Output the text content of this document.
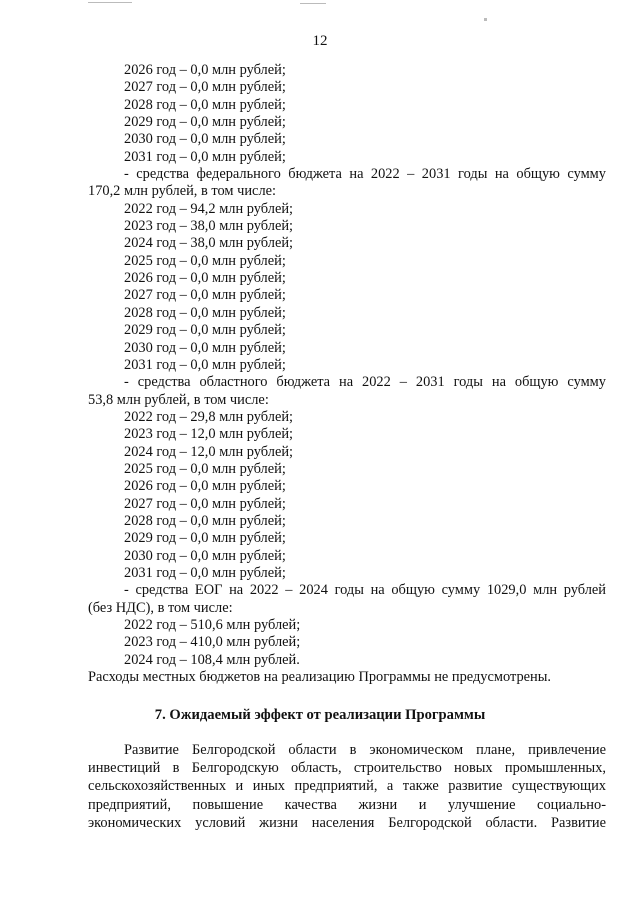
12
2026 год – 0,0 млн рублей;
2027 год – 0,0 млн рублей;
2028 год – 0,0 млн рублей;
2029 год – 0,0 млн рублей;
2030 год – 0,0 млн рублей;
2031 год – 0,0 млн рублей;
- средства федерального бюджета на 2022 – 2031 годы на общую сумму
170,2 млн рублей, в том числе:
2022 год – 94,2 млн рублей;
2023 год – 38,0 млн рублей;
2024 год – 38,0 млн рублей;
2025 год – 0,0 млн рублей;
2026 год – 0,0 млн рублей;
2027 год – 0,0 млн рублей;
2028 год – 0,0 млн рублей;
2029 год – 0,0 млн рублей;
2030 год – 0,0 млн рублей;
2031 год – 0,0 млн рублей;
- средства областного бюджета на 2022 – 2031 годы на общую сумму
53,8 млн рублей, в том числе:
2022 год – 29,8 млн рублей;
2023 год – 12,0 млн рублей;
2024 год – 12,0 млн рублей;
2025 год – 0,0 млн рублей;
2026 год – 0,0 млн рублей;
2027 год – 0,0 млн рублей;
2028 год – 0,0 млн рублей;
2029 год – 0,0 млн рублей;
2030 год – 0,0 млн рублей;
2031 год – 0,0 млн рублей;
- средства ЕОГ на 2022 – 2024 годы на общую сумму 1029,0 млн рублей
(без НДС), в том числе:
2022 год – 510,6 млн рублей;
2023 год – 410,0 млн рублей;
2024 год – 108,4 млн рублей.
Расходы местных бюджетов на реализацию Программы не предусмотрены.
7. Ожидаемый эффект от реализации Программы
Развитие Белгородской области в экономическом плане, привлечение
инвестиций в Белгородскую область, строительство новых промышленных,
сельскохозяйственных и иных предприятий, а также развитие существующих
предприятий, повышение качества жизни и улучшение социально-
экономических условий жизни населения Белгородской области. Развитие
